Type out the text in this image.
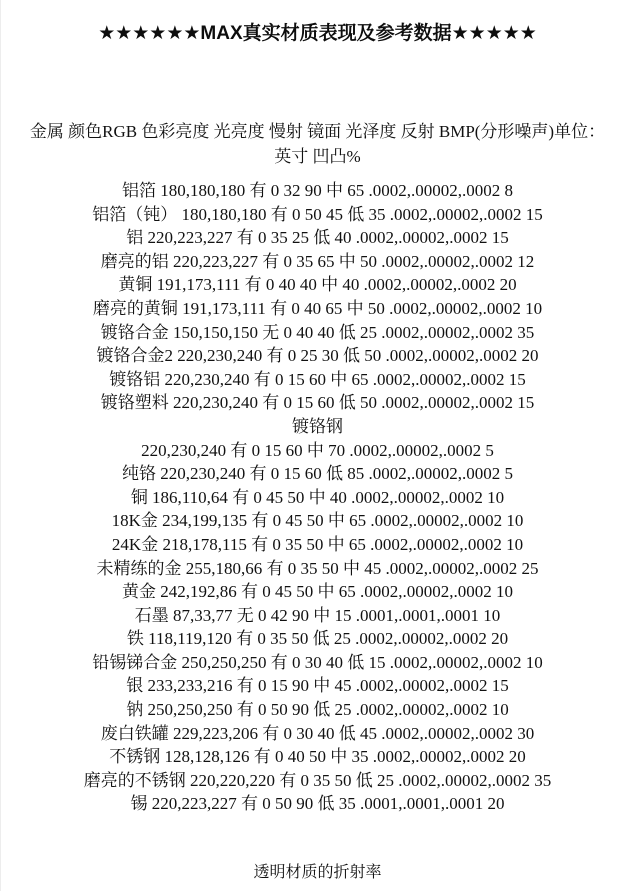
★★★★★★MAX真实材质表现及参考数据★★★★★
金属 颜色RGB 色彩亮度 光亮度 慢射 镜面 光泽度 反射 BMP(分形噪声)单位：英寸 凹凸%
铝箔 180,180,180 有 0 32 90 中 65 .0002,.00002,.0002 8
铝箔（钝） 180,180,180 有 0 50 45 低 35 .0002,.00002,.0002 15
铝 220,223,227 有 0 35 25 低 40 .0002,.00002,.0002 15
磨亮的铝 220,223,227 有 0 35 65 中 50 .0002,.00002,.0002 12
黄铜 191,173,111 有 0 40 40 中 40 .0002,.00002,.0002 20
磨亮的黄铜 191,173,111 有 0 40 65 中 50 .0002,.00002,.0002 10
镀铬合金 150,150,150 无 0 40 40 低 25 .0002,.00002,.0002 35
镀铬合金2 220,230,240 有 0 25 30 低 50 .0002,.00002,.0002 20
镀铬铝 220,230,240 有 0 15 60 中 65 .0002,.00002,.0002 15
镀铬塑料 220,230,240 有 0 15 60 低 50 .0002,.00002,.0002 15
镀铬钢
220,230,240 有 0 15 60 中 70 .0002,.00002,.0002 5
纯铬 220,230,240 有 0 15 60 低 85 .0002,.00002,.0002 5
铜 186,110,64 有 0 45 50 中 40 .0002,.00002,.0002 10
18K金 234,199,135 有 0 45 50 中 65 .0002,.00002,.0002 10
24K金 218,178,115 有 0 35 50 中 65 .0002,.00002,.0002 10
未精练的金 255,180,66 有 0 35 50 中 45 .0002,.00002,.0002 25
黄金 242,192,86 有 0 45 50 中 65 .0002,.00002,.0002 10
石墨 87,33,77 无 0 42 90 中 15 .0001,.0001,.0001 10
铁 118,119,120 有 0 35 50 低 25 .0002,.00002,.0002 20
铅锡锑合金 250,250,250 有 0 30 40 低 15 .0002,.00002,.0002 10
银 233,233,216 有 0 15 90 中 45 .0002,.00002,.0002 15
钠 250,250,250 有 0 50 90 低 25 .0002,.00002,.0002 10
废白铁罐 229,223,206 有 0 30 40 低 45 .0002,.00002,.0002 30
不锈钢 128,128,126 有 0 40 50 中 35 .0002,.00002,.0002 20
磨亮的不锈钢 220,220,220 有 0 35 50 低 25 .0002,.00002,.0002 35
锡 220,223,227 有 0 50 90 低 35 .0001,.0001,.0001 20
透明材质的折射率
